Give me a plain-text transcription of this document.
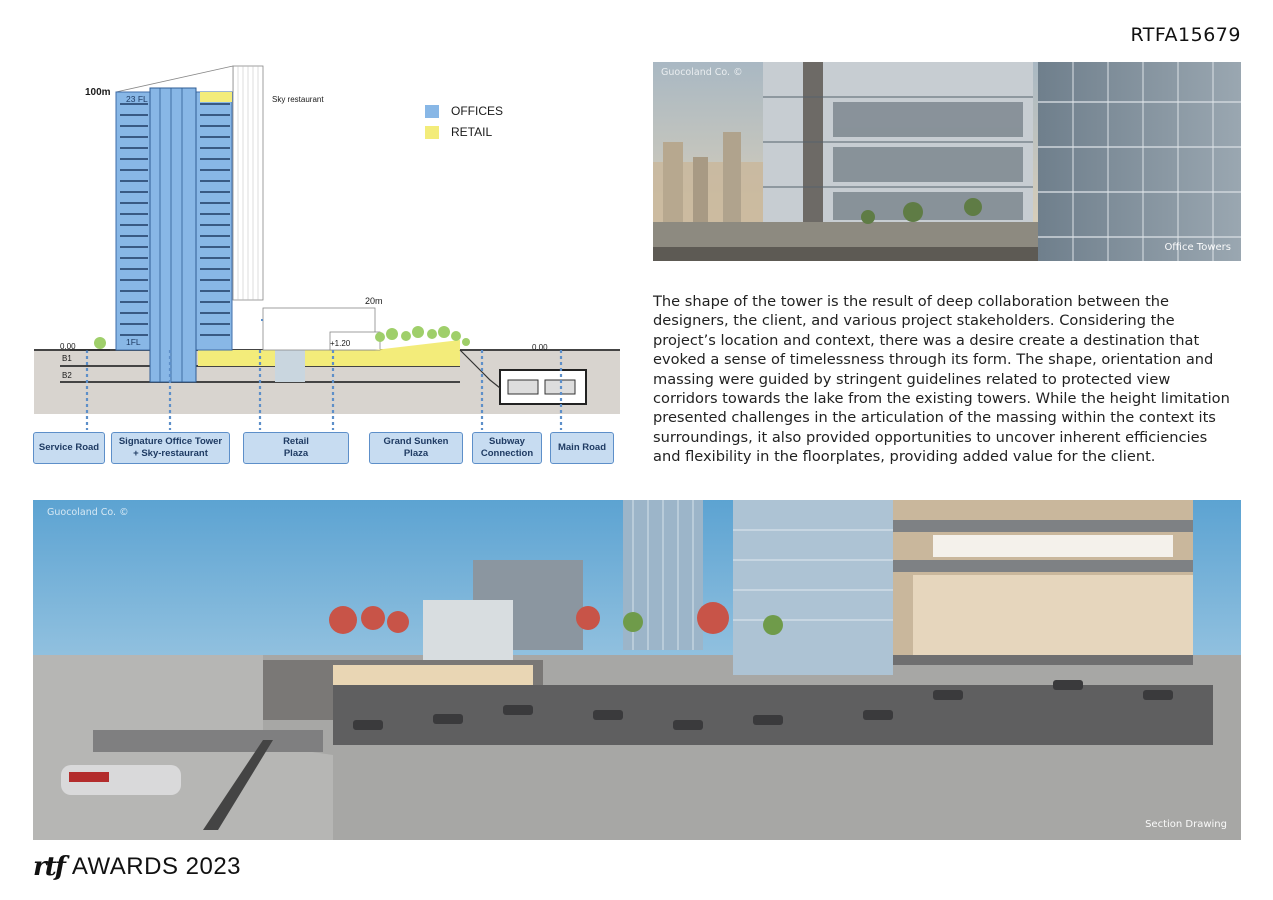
RTFA15679
100m
23 FL
1FL
Sky restaurant
20m
0.00	+1.20	0.00
B1
B2
OFFICES
RETAIL
Service Road
Signature Office Tower
+ Sky-restaurant
Retail
Plaza
Grand Sunken
Plaza
Subway
Connection
Main Road
Guocoland Co. ©
Office Towers
The shape of the tower is the result of deep collaboration between the designers, the client, and various project stakeholders. Considering the project’s location and context, there was a desire create a destination that evoked a sense of timelessness through its form. The shape, orientation and massing were guided by stringent guidelines related to protected view corridors towards the lake from the existing towers. While the height limitation presented challenges in the articulation of the massing within the context its surroundings, it also provided opportunities to uncover inherent efficiencies and flexibility in the floorplates, providing added value for the client.
Guocoland Co. ©
Section Drawing
rtf AWARDS 2023
